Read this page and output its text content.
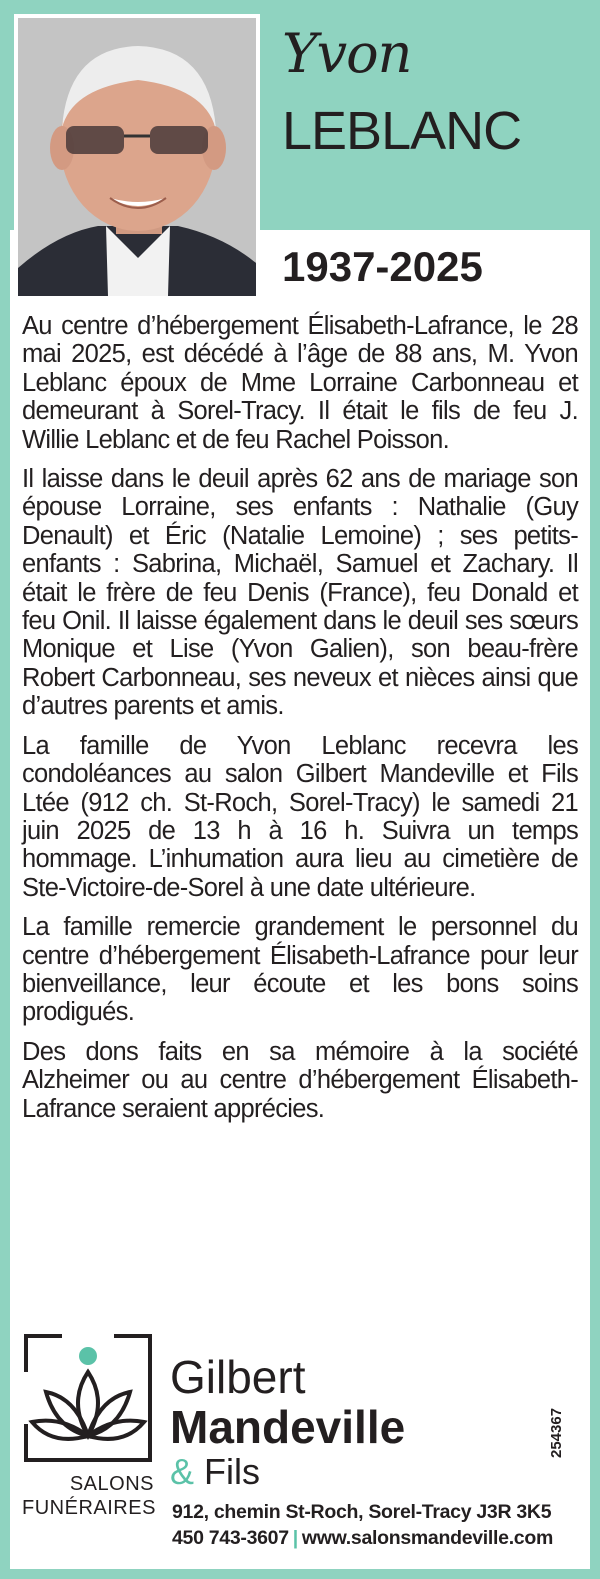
Yvon
LEBLANC
1937-2025

Au centre d’hébergement Élisabeth-Lafrance, le 28 mai 2025, est décédé à l’âge de 88 ans, M. Yvon Leblanc époux de Mme Lorraine Carbonneau et demeurant à Sorel-Tracy. Il était le fils de feu J. Willie Leblanc et de feu Rachel Poisson.

Il laisse dans le deuil après 62 ans de mariage son épouse Lorraine, ses enfants : Nathalie (Guy Denault) et Éric (Natalie Lemoine) ; ses petits-enfants : Sabrina, Michaël, Samuel et Zachary. Il était le frère de feu Denis (France), feu Donald et feu Onil. Il laisse également dans le deuil ses sœurs Monique et Lise (Yvon Galien), son beau-frère Robert Carbonneau, ses neveux et nièces ainsi que d’autres parents et amis.

La famille de Yvon Leblanc recevra les condoléances au salon Gilbert Mandeville et Fils Ltée (912 ch. St-Roch, Sorel-Tracy) le samedi 21 juin 2025 de 13 h à 16 h. Suivra un temps hommage. L’inhumation aura lieu au cimetière de Ste-Victoire-de-Sorel à une date ultérieure.

La famille remercie grandement le personnel du centre d’hébergement Élisabeth-Lafrance pour leur bienveillance, leur écoute et les bons soins prodigués.

Des dons faits en sa mémoire à la société Alzheimer ou au centre d’hébergement Élisabeth-Lafrance seraient apprécies.

SALONS
FUNÉRAIRES
Gilbert
Mandeville
& Fils
912, chemin St-Roch, Sorel-Tracy J3R 3K5
450 743-3607 | www.salonsmandeville.com
254367
